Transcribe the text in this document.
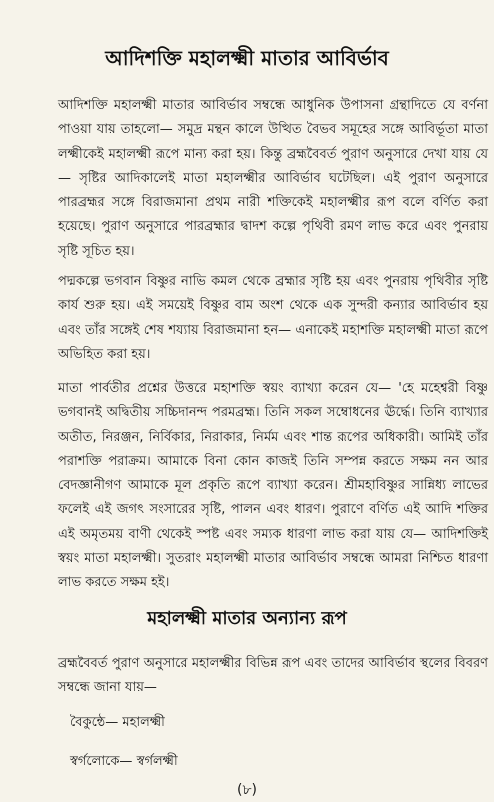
আদিশক্তি মহালক্ষ্মী মাতার আবির্ভাব

আদিশক্তি মহালক্ষ্মী মাতার আবির্ভাব সম্বন্ধে আধুনিক উপাসনা গ্রন্থাদিতে যে বর্ণনা পাওয়া যায় তাহলো— সমুদ্র মন্থন কালে উত্থিত বৈভব সমূহের সঙ্গে আবির্ভূতা মাতা লক্ষ্মীকেই মহালক্ষ্মী রূপে মান্য করা হয়। কিন্তু ব্রহ্মবৈবর্ত পুরাণ অনুসারে দেখা যায় যে— সৃষ্টির আদিকালেই মাতা মহালক্ষ্মীর আবির্ভাব ঘটেছিল। এই পুরাণ অনুসারে পারব্রহ্মর সঙ্গে বিরাজমানা প্রথম নারী শক্তিকেই মহালক্ষ্মীর রূপ বলে বর্ণিত করা হয়েছে। পুরাণ অনুসারে পারব্রহ্মার দ্বাদশ কল্পে পৃথিবী রমণ লাভ করে এবং পুনরায় সৃষ্টি সূচিত হয়।

পদ্মকল্পে ভগবান বিষ্ণুর নাভি কমল থেকে ব্রহ্মার সৃষ্টি হয় এবং পুনরায় পৃথিবীর সৃষ্টি কার্য শুরু হয়। এই সময়েই বিষ্ণুর বাম অংশ থেকে এক সুন্দরী কন্যার আবির্ভাব হয় এবং তাঁর সঙ্গেই শেষ শয্যায় বিরাজমানা হন— এনাকেই মহাশক্তি মহালক্ষ্মী মাতা রূপে অভিহিত করা হয়।

মাতা পার্বতীর প্রশ্নের উত্তরে মহাশক্তি স্বয়ং ব্যাখ্যা করেন যে— 'হে মহেশ্বরী বিষ্ণু ভগবানই অদ্বিতীয় সচ্চিদানন্দ পরমব্রহ্ম। তিনি সকল সম্বোধনের ঊর্দ্ধে। তিনি ব্যাখ্যার অতীত, নিরঞ্জন, নির্বিকার, নিরাকার, নির্মম এবং শান্ত রূপের অধিকারী। আমিই তাঁর পরাশক্তি পরাক্রম। আমাকে বিনা কোন কাজই তিনি সম্পন্ন করতে সক্ষম নন আর বেদজ্ঞানীগণ আমাকে মূল প্রকৃতি রূপে ব্যাখ্যা করেন। শ্রীমহাবিষ্ণুর সান্নিধ্য লাভের ফলেই এই জগৎ সংসারের সৃষ্টি, পালন এবং ধারণ। পুরাণে বর্ণিত এই আদি শক্তির এই অমৃতময় বাণী থেকেই স্পষ্ট এবং সম্যক ধারণা লাভ করা যায় যে— আদিশক্তিই স্বয়ং মাতা মহালক্ষ্মী। সুতরাং মহালক্ষ্মী মাতার আবির্ভাব সম্বন্ধে আমরা নিশ্চিত ধারণা লাভ করতে সক্ষম হই।

মহালক্ষ্মী মাতার অন্যান্য রূপ

ব্রহ্মবৈবর্ত পুরাণ অনুসারে মহালক্ষ্মীর বিভিন্ন রূপ এবং তাদের আবির্ভাব স্থলের বিবরণ সম্বন্ধে জানা যায়—

বৈকুন্ঠে— মহালক্ষ্মী

স্বর্গলোকে— স্বর্গলক্ষ্মী

(৮)
